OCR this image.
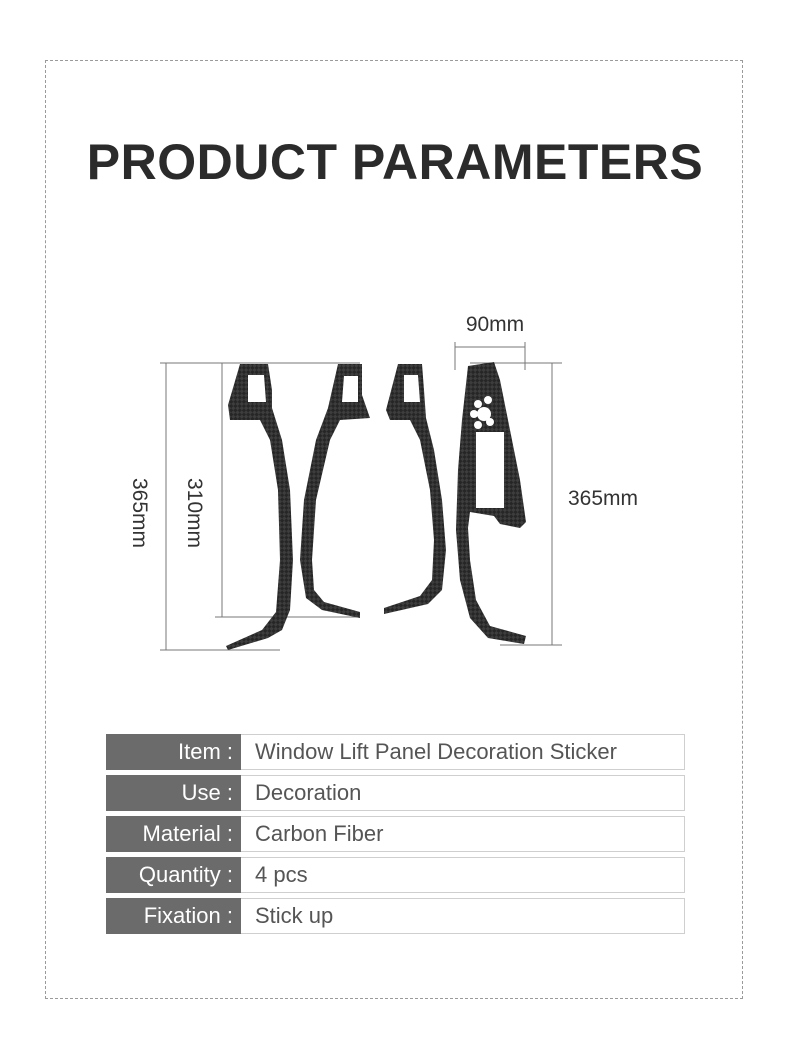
PRODUCT PARAMETERS
90mm
365mm
365mm 310mm
Item :	Window Lift Panel Decoration Sticker
Use :	Decoration
Material :	Carbon Fiber
Quantity :	4 pcs
Fixation :	Stick up
